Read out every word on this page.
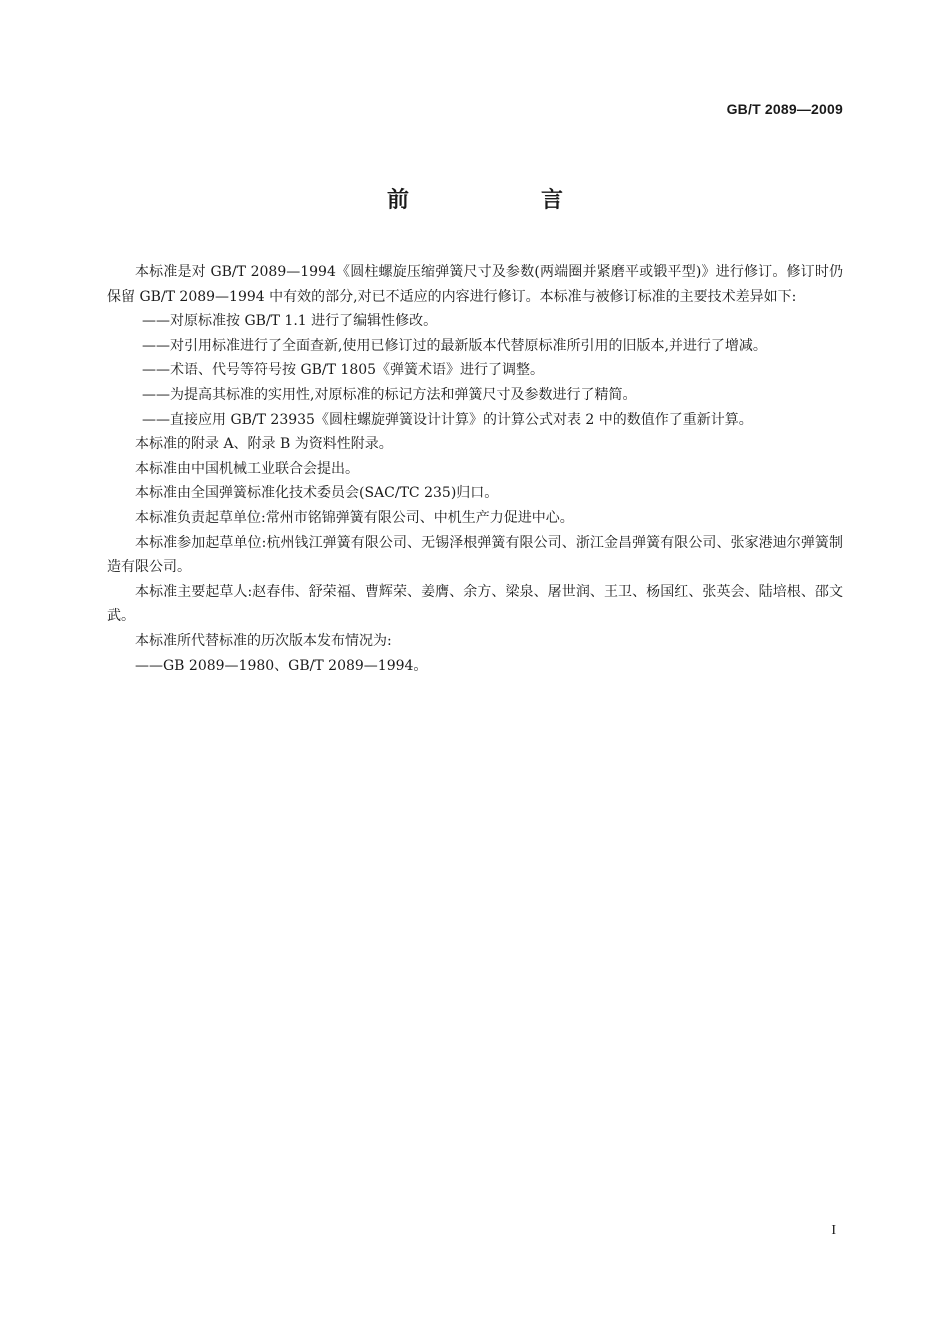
GB/T 2089—2009
前　言

本标准是对 GB/T 2089—1994《圆柱螺旋压缩弹簧尺寸及参数(两端圈并紧磨平或锻平型)》进行修订。修订时仍保留 GB/T 2089—1994 中有效的部分,对已不适应的内容进行修订。本标准与被修订标准的主要技术差异如下:

——对原标准按 GB/T 1.1 进行了编辑性修改。

——对引用标准进行了全面查新,使用已修订过的最新版本代替原标准所引用的旧版本,并进行了增减。

——术语、代号等符号按 GB/T 1805《弹簧术语》进行了调整。

——为提高其标准的实用性,对原标准的标记方法和弹簧尺寸及参数进行了精简。

——直接应用 GB/T 23935《圆柱螺旋弹簧设计计算》的计算公式对表 2 中的数值作了重新计算。

本标准的附录 A、附录 B 为资料性附录。

本标准由中国机械工业联合会提出。

本标准由全国弹簧标准化技术委员会(SAC/TC 235)归口。

本标准负责起草单位:常州市铭锦弹簧有限公司、中机生产力促进中心。

本标准参加起草单位:杭州钱江弹簧有限公司、无锡泽根弹簧有限公司、浙江金昌弹簧有限公司、张家港迪尔弹簧制造有限公司。

本标准主要起草人:赵春伟、舒荣福、曹辉荣、姜膺、余方、梁泉、屠世润、王卫、杨国红、张英会、陆培根、邵文武。

本标准所代替标准的历次版本发布情况为:

——GB 2089—1980、GB/T 2089—1994。

I
